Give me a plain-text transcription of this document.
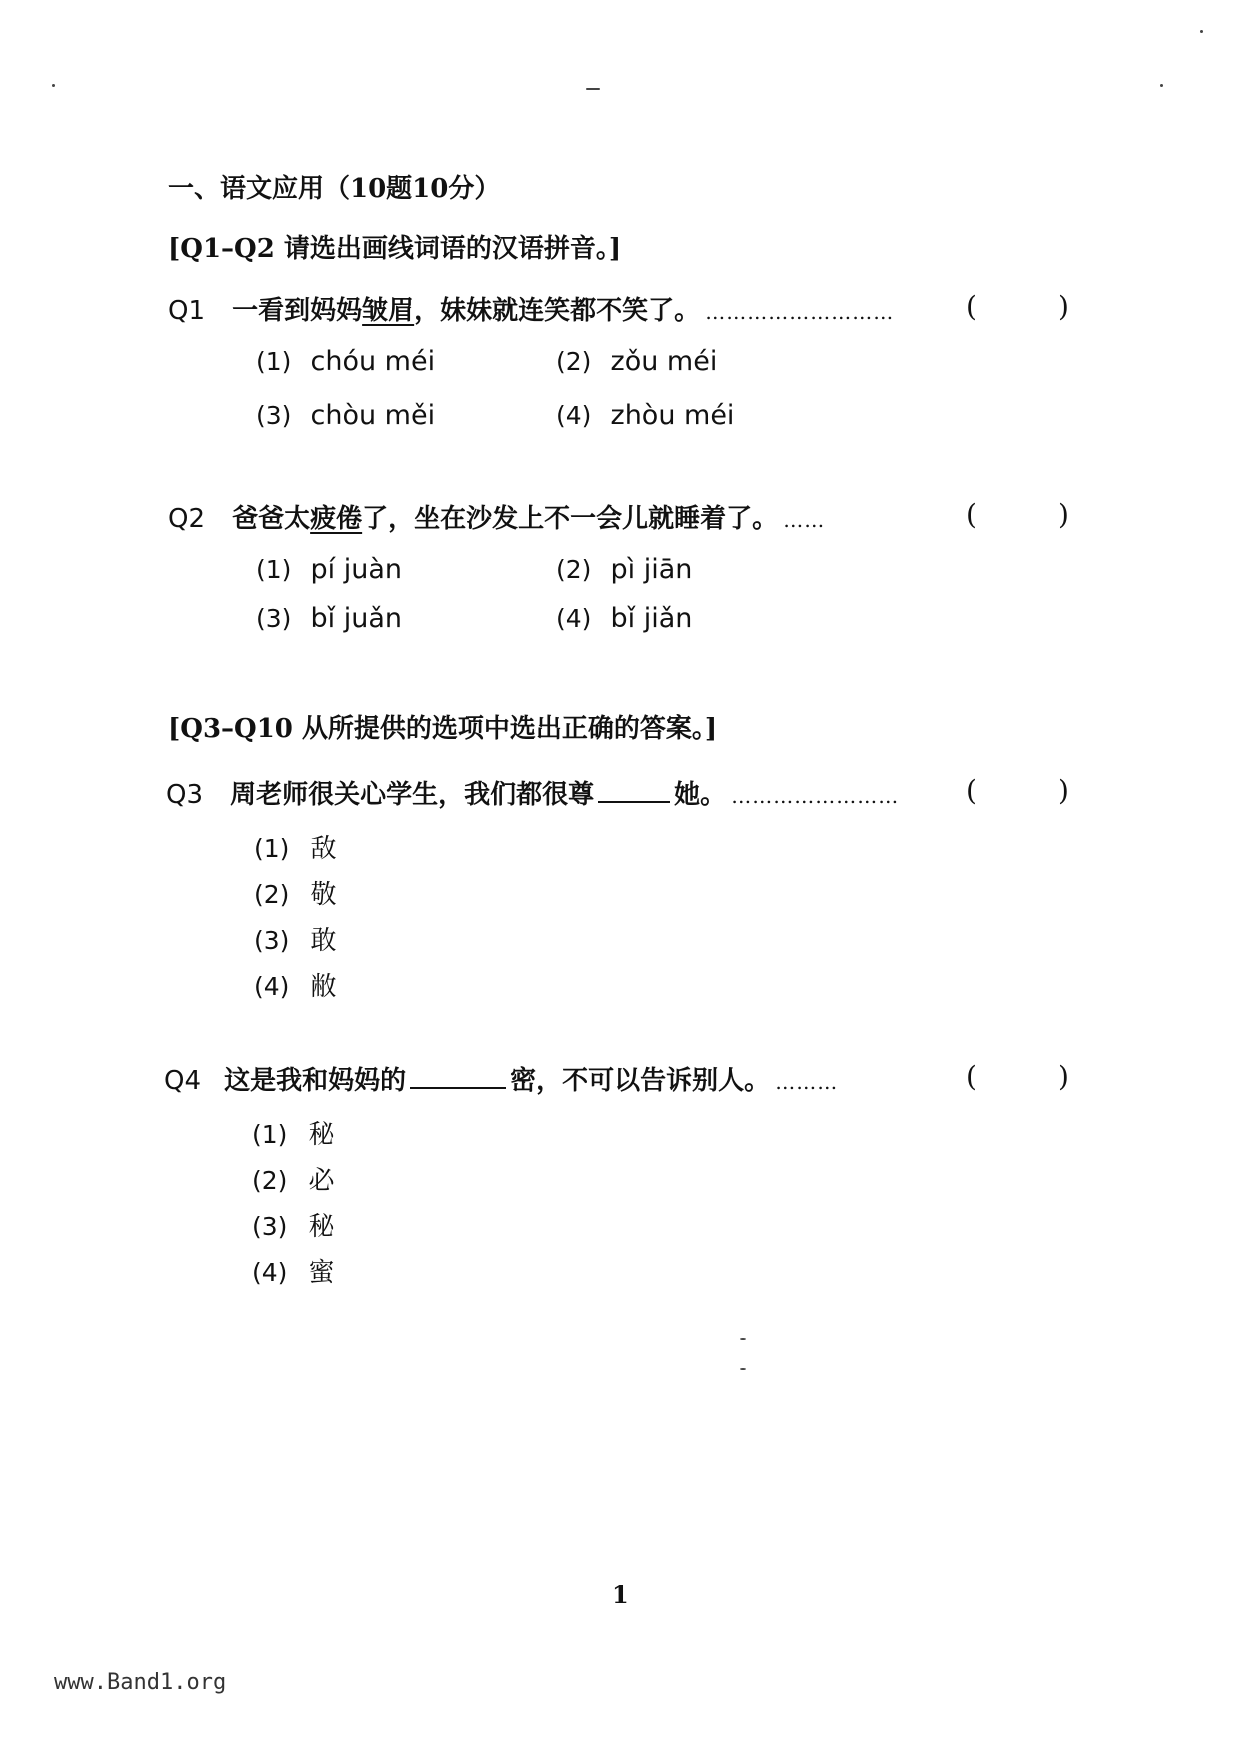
一、语文应用（10题10分）
[Q1–Q2 请选出画线词语的汉语拼音。]
Q1 一看到妈妈皱眉，妹妹就连笑都不笑了。 ………………………	(	)
(1) chóu méi	(2) zǒu méi
(3) chòu měi	(4) zhòu méi
Q2 爸爸太疲倦了，坐在沙发上不一会儿就睡着了。 ……	(	)
(1) pí juàn	(2) pì jiān
(3) bǐ juǎn	(4) bǐ jiǎn
[Q3–Q10 从所提供的选项中选出正确的答案。]
Q3 周老师很关心学生，我们都很尊	她。 …………………… (	)
(1) 敌
(2) 敬
(3) 敢
(4) 敝
Q4 这是我和妈妈的	密，不可以告诉别人。 ………	(	)
(1) 秘
(2) 必
(3) 秘
(4) 蜜
1
www.Band1.org
